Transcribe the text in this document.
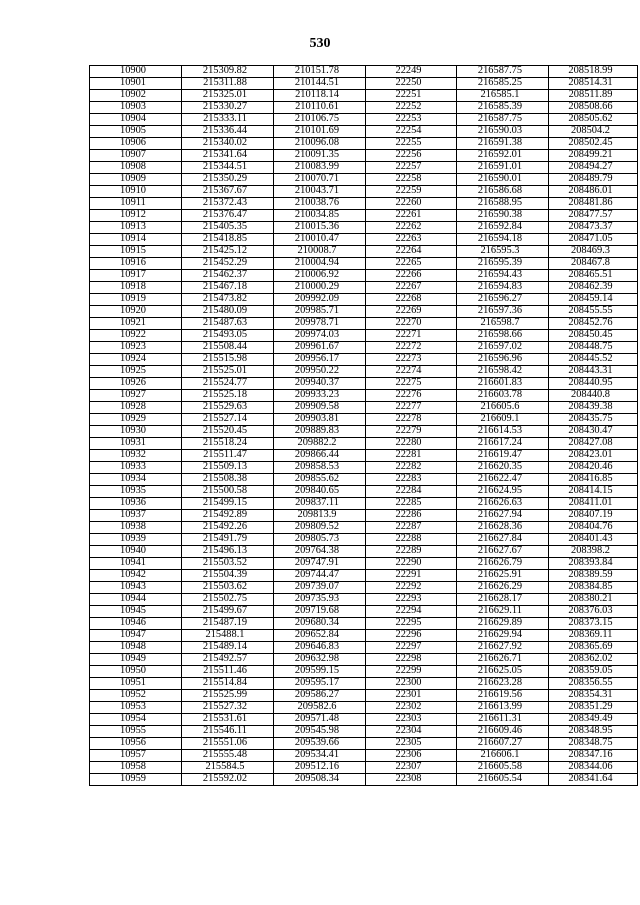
530
10900	215309.82	210151.78	22249	216587.75	208518.99
10901	215311.88	210144.51	22250	216585.25	208514.31
10902	215325.01	210118.14	22251	216585.1	208511.89
10903	215330.27	210110.61	22252	216585.39	208508.66
10904	215333.11	210106.75	22253	216587.75	208505.62
10905	215336.44	210101.69	22254	216590.03	208504.2
10906	215340.02	210096.08	22255	216591.38	208502.45
10907	215341.64	210091.35	22256	216592.01	208499.21
10908	215344.51	210083.99	22257	216591.01	208494.27
10909	215350.29	210070.71	22258	216590.01	208489.79
10910	215367.67	210043.71	22259	216586.68	208486.01
10911	215372.43	210038.76	22260	216588.95	208481.86
10912	215376.47	210034.85	22261	216590.38	208477.57
10913	215405.35	210015.36	22262	216592.84	208473.37
10914	215418.85	210010.47	22263	216594.18	208471.05
10915	215425.12	210008.7	22264	216595.3	208469.3
10916	215452.29	210004.94	22265	216595.39	208467.8
10917	215462.37	210006.92	22266	216594.43	208465.51
10918	215467.18	210000.29	22267	216594.83	208462.39
10919	215473.82	209992.09	22268	216596.27	208459.14
10920	215480.09	209985.71	22269	216597.36	208455.55
10921	215487.63	209978.71	22270	216598.7	208452.76
10922	215493.05	209974.03	22271	216598.66	208450.45
10923	215508.44	209961.67	22272	216597.02	208448.75
10924	215515.98	209956.17	22273	216596.96	208445.52
10925	215525.01	209950.22	22274	216598.42	208443.31
10926	215524.77	209940.37	22275	216601.83	208440.95
10927	215525.18	209933.23	22276	216603.78	208440.8
10928	215529.63	209909.58	22277	216605.6	208439.38
10929	215527.14	209903.81	22278	216609.1	208435.75
10930	215520.45	209889.83	22279	216614.53	208430.47
10931	215518.24	209882.2	22280	216617.24	208427.08
10932	215511.47	209866.44	22281	216619.47	208423.01
10933	215509.13	209858.53	22282	216620.35	208420.46
10934	215508.38	209855.62	22283	216622.47	208416.85
10935	215500.58	209840.65	22284	216624.95	208414.15
10936	215499.15	209837.11	22285	216626.63	208411.01
10937	215492.89	209813.9	22286	216627.94	208407.19
10938	215492.26	209809.52	22287	216628.36	208404.76
10939	215491.79	209805.73	22288	216627.84	208401.43
10940	215496.13	209764.38	22289	216627.67	208398.2
10941	215503.52	209747.91	22290	216626.79	208393.84
10942	215504.39	209744.47	22291	216625.91	208389.59
10943	215503.62	209739.07	22292	216626.29	208384.85
10944	215502.75	209735.93	22293	216628.17	208380.21
10945	215499.67	209719.68	22294	216629.11	208376.03
10946	215487.19	209680.34	22295	216629.89	208373.15
10947	215488.1	209652.84	22296	216629.94	208369.11
10948	215489.14	209646.83	22297	216627.92	208365.69
10949	215492.57	209632.98	22298	216626.71	208362.02
10950	215511.46	209599.15	22299	216625.05	208359.05
10951	215514.84	209595.17	22300	216623.28	208356.55
10952	215525.99	209586.27	22301	216619.56	208354.31
10953	215527.32	209582.6	22302	216613.99	208351.29
10954	215531.61	209571.48	22303	216611.31	208349.49
10955	215546.11	209545.98	22304	216609.46	208348.95
10956	215551.06	209539.66	22305	216607.27	208348.75
10957	215555.48	209534.41	22306	216606.1	208347.16
10958	215584.5	209512.16	22307	216605.58	208344.06
10959	215592.02	209508.34	22308	216605.54	208341.64
